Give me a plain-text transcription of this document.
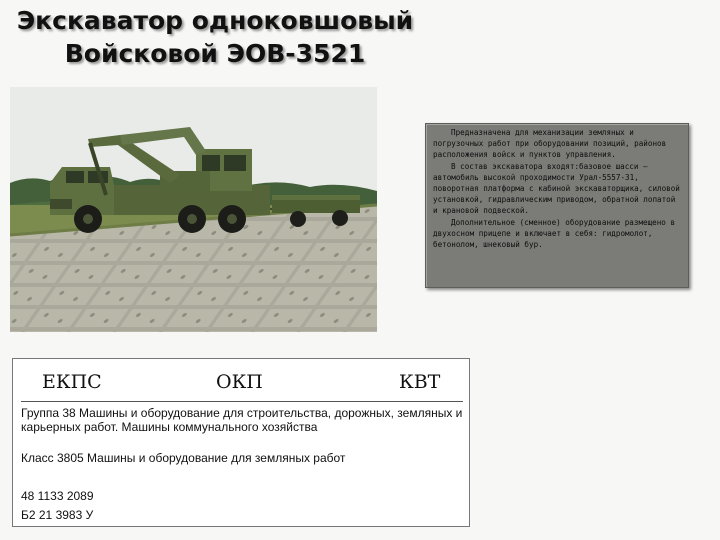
Экскаватор одноковшовый
Войсковой ЭОВ-3521

Предназначена для механизации земляных и погрузочных работ при оборудовании позиций, районов расположения войск и пунктов управления.

В состав экскаватора входят:базовое шасси – автомобиль высокой проходимости Урал-5557-31, поворотная платформа с кабиной экскаваторщика, силовой установкой, гидравлическим приводом, обратной лопатой и крановой подвеской.

Дополнительное (сменное) оборудование размещено в двухосном прицепе и включает в себя: гидромолот, бетонолом, шнековый бур.

ЕКПС	ОКП	КВТ
Группа 38 Машины и оборудование для строительства, дорожных, земляных и карьерных работ. Машины коммунального хозяйства
Класс 3805 Машины и оборудование для земляных работ
48 1133 2089
Б2 21 3983 У
